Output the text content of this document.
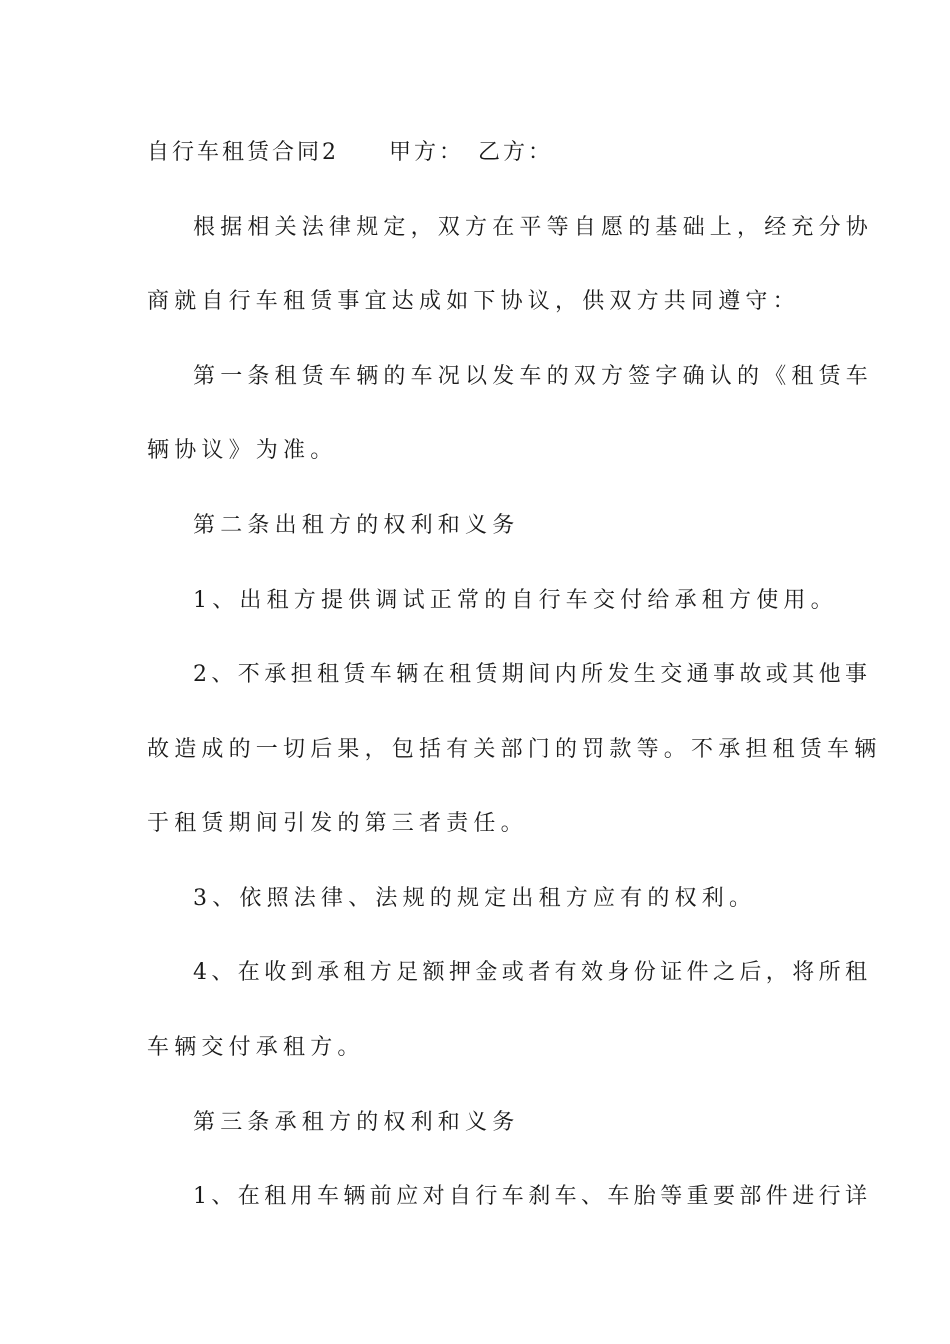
自行车租赁合同2　　甲方：　乙方：
根据相关法律规定，双方在平等自愿的基础上，经充分协
商就自行车租赁事宜达成如下协议，供双方共同遵守：
第一条租赁车辆的车况以发车的双方签字确认的《租赁车
辆协议》为准。
第二条出租方的权利和义务
1、出租方提供调试正常的自行车交付给承租方使用。
2、不承担租赁车辆在租赁期间内所发生交通事故或其他事
故造成的一切后果，包括有关部门的罚款等。不承担租赁车辆
于租赁期间引发的第三者责任。
3、依照法律、法规的规定出租方应有的权利。
4、在收到承租方足额押金或者有效身份证件之后，将所租
车辆交付承租方。
第三条承租方的权利和义务
1、在租用车辆前应对自行车刹车、车胎等重要部件进行详
